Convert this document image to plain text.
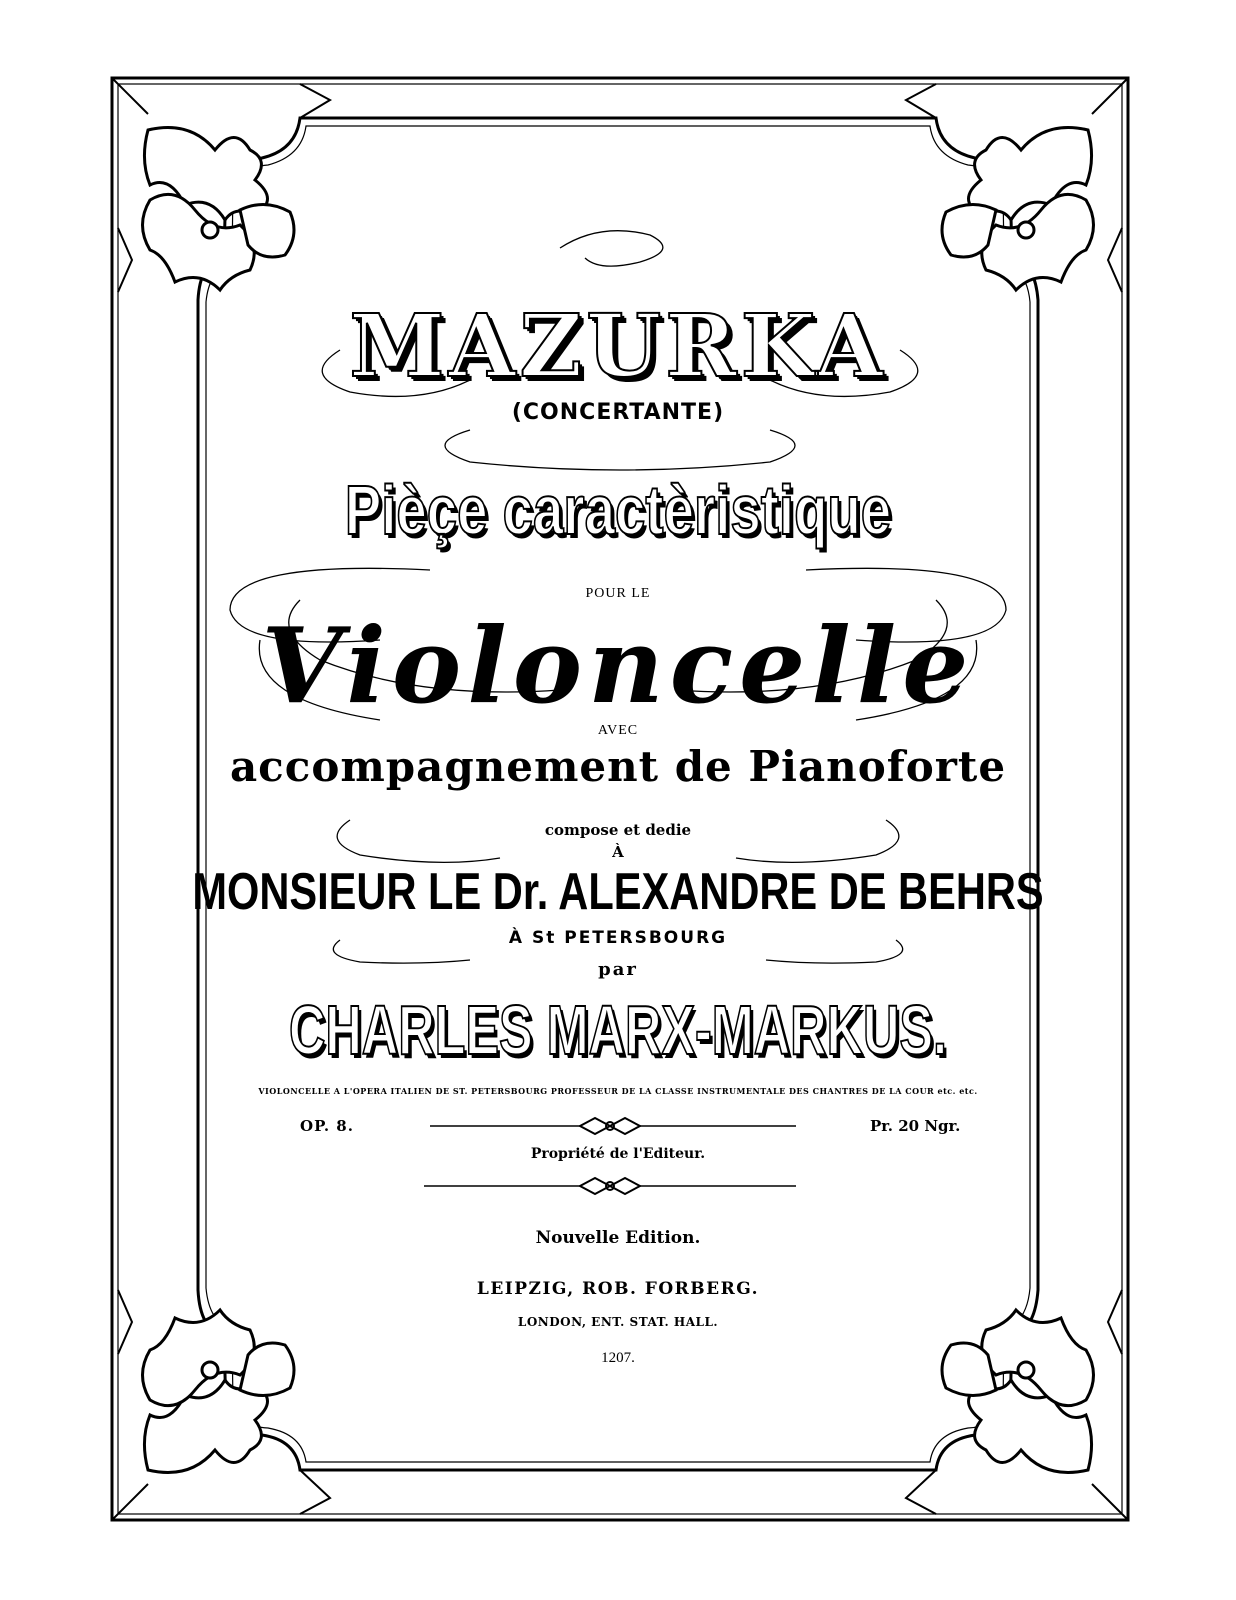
MAZURKA
(CONCERTANTE)
Pièçe caractèristique
POUR LE
Violoncelle
AVEC
accompagnement de Pianoforte
compose et dedie
À
MONSIEUR LE Dr. ALEXANDRE DE BEHRS
À St PETERSBOURG
par
CHARLES MARX-MARKUS.
VIOLONCELLE A L'OPERA ITALIEN DE ST. PETERSBOURG PROFESSEUR DE LA CLASSE INSTRUMENTALE DES CHANTRES DE LA COUR etc. etc.
OP. 8.	Pr. 20 Ngr.
Propriété de l'Editeur.
Nouvelle Edition.
LEIPZIG, ROB. FORBERG.
LONDON, ENT. STAT. HALL.
1207.
